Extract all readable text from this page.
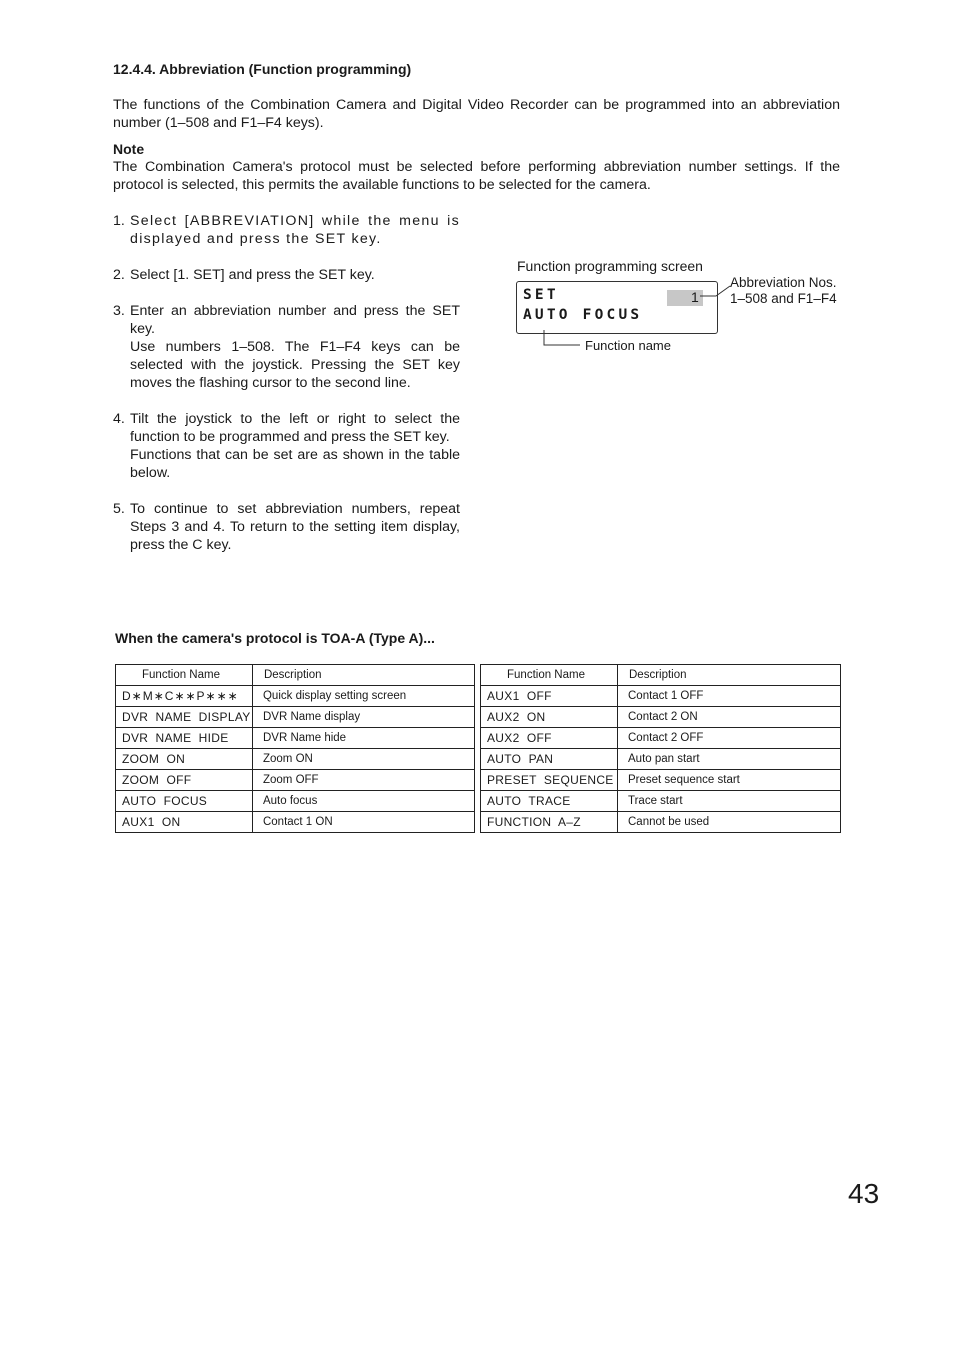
12.4.4. Abbreviation (Function programming)
The functions of the Combination Camera and Digital Video Recorder can be programmed into an abbreviation number (1–508 and F1–F4 keys).
Note
The Combination Camera's protocol must be selected before performing abbreviation number settings. If the protocol is selected, this permits the available functions to be selected for the camera.
1. Select [ABBREVIATION] while the menu is displayed and press the SET key.

2. Select [1. SET] and press the SET key.

3. Enter an abbreviation number and press the SET key.

Use numbers 1–508. The F1–F4 keys can be selected with the joystick. Pressing the SET key moves the flashing cursor to the second line.

4. Tilt the joystick to the left or right to select the function to be programmed and press the SET key.

Functions that can be set are as shown in the table below.

5. To continue to set abbreviation numbers, repeat Steps 3 and 4. To return to the setting item display, press the C key.

Function programming screen
SET	1
AUTO FOCUS
Abbreviation Nos.
1–508 and F1–F4
Function name
When the camera's protocol is TOA-A (Type A)...
Function Name	Description
D∗M∗C∗∗P∗∗∗	Quick display setting screen
DVR  NAME  DISPLAY	DVR Name display
DVR  NAME  HIDE	DVR Name hide
ZOOM  ON	Zoom ON
ZOOM  OFF	Zoom OFF
AUTO  FOCUS	Auto focus
AUX1  ON	Contact 1 ON
Function Name	Description
AUX1  OFF	Contact 1 OFF
AUX2  ON	Contact 2 ON
AUX2  OFF	Contact 2 OFF
AUTO  PAN	Auto pan start
PRESET  SEQUENCE	Preset sequence start
AUTO  TRACE	Trace start
FUNCTION  A–Z	Cannot be used
43
